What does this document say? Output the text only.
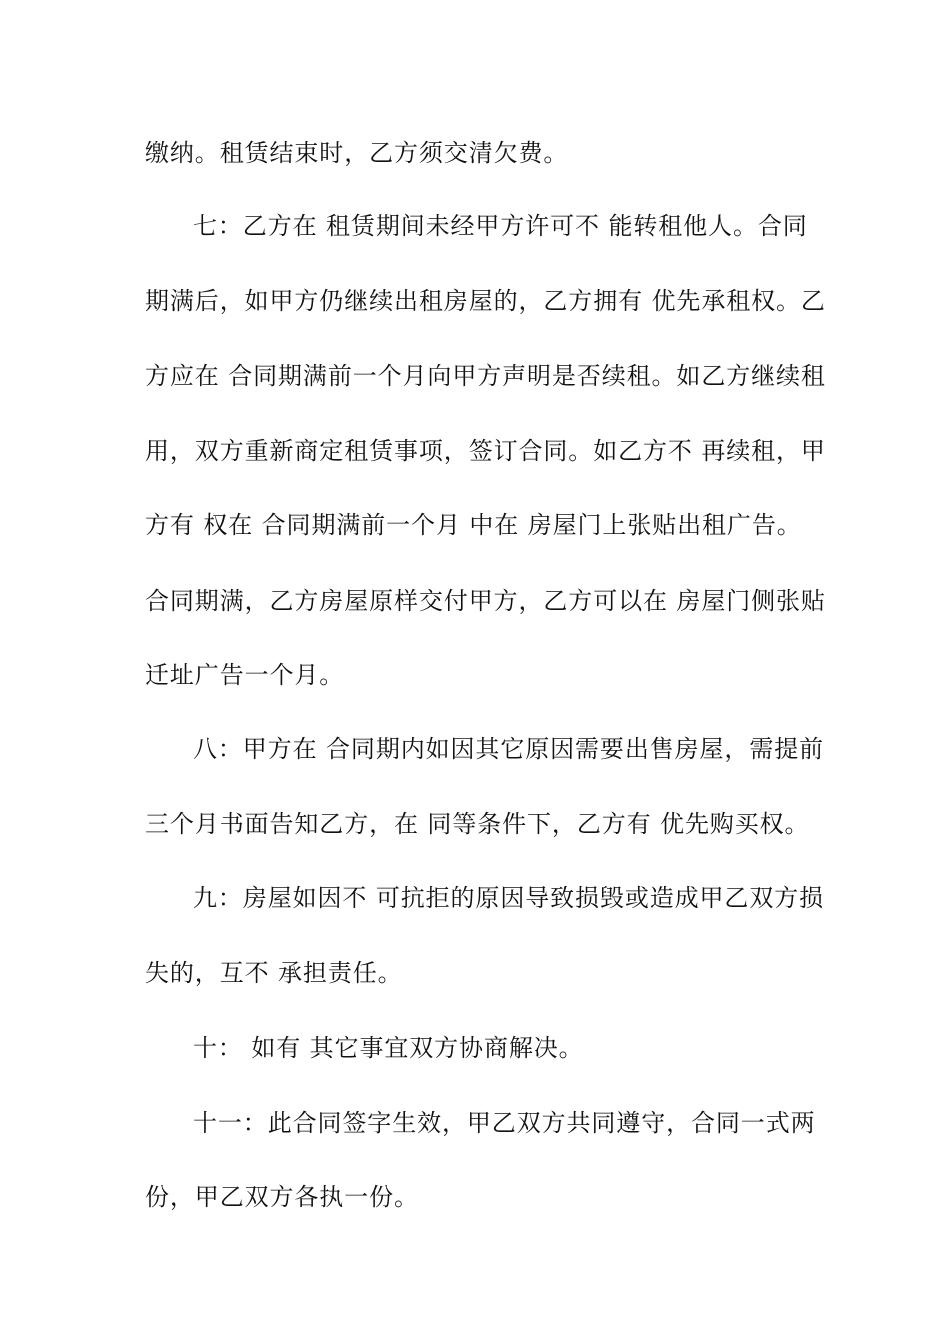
缴纳。租赁结束时，乙方须交清欠费。
七：乙方在 租赁期间未经甲方许可不 能转租他人。合同
期满后，如甲方仍继续出租房屋的，乙方拥有 优先承租权。乙
方应在 合同期满前一个月向甲方声明是否续租。如乙方继续租
用，双方重新商定租赁事项，签订合同。如乙方不 再续租，甲
方有 权在 合同期满前一个月 中在 房屋门上张贴出租广告。
合同期满，乙方房屋原样交付甲方，乙方可以在 房屋门侧张贴
迁址广告一个月。
八：甲方在 合同期内如因其它原因需要出售房屋，需提前
三个月书面告知乙方，在 同等条件下，乙方有 优先购买权。
九：房屋如因不 可抗拒的原因导致损毁或造成甲乙双方损
失的，互不 承担责任。
十： 如有 其它事宜双方协商解决。
十一：此合同签字生效，甲乙双方共同遵守，合同一式两
份，甲乙双方各执一份。
